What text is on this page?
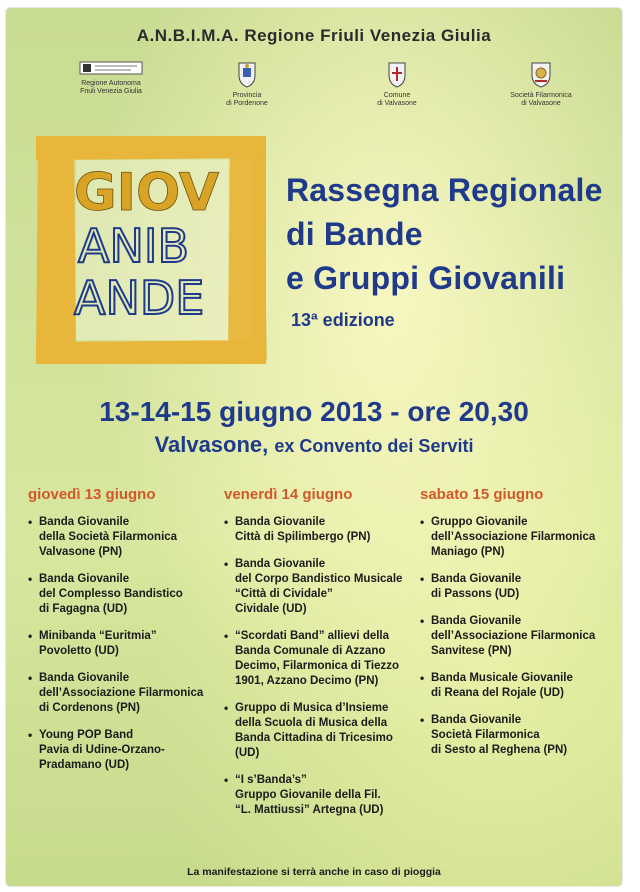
A.N.B.I.M.A. Regione Friuli Venezia Giulia
Regione Autonoma
Friuli Venezia Giulia
Provincia
di Pordenone
Comune
di Valvasone
Società Filarmonica
di Valvasone
GIOV
ANIB
ANDE
Rassegna Regionale
di Bande
e Gruppi Giovanili
13ª edizione
13-14-15 giugno 2013 - ore 20,30
Valvasone, ex Convento dei Serviti
giovedì 13 giugno
• Banda Giovanile
della Società Filarmonica
Valvasone (PN)
• Banda Giovanile
del Complesso Bandistico
di Fagagna (UD)
• Minibanda “Euritmia”
Povoletto (UD)
• Banda Giovanile
dell’Associazione Filarmonica
di Cordenons (PN)
• Young POP Band
Pavia di Udine-Orzano-
Pradamano (UD)
venerdì 14 giugno
• Banda Giovanile
Città di Spilimbergo (PN)
• Banda Giovanile
del Corpo Bandistico Musicale
“Città di Cividale”
Cividale (UD)
• “Scordati Band” allievi della
Banda Comunale di Azzano
Decimo, Filarmonica di Tiezzo
1901, Azzano Decimo (PN)
• Gruppo di Musica d’Insieme
della Scuola di Musica della
Banda Cittadina di Tricesimo
(UD)
• “I s’Banda’s”
Gruppo Giovanile della Fil.
“L. Mattiussi” Artegna (UD)
sabato 15 giugno
• Gruppo Giovanile
dell’Associazione Filarmonica
Maniago (PN)
• Banda Giovanile
di Passons (UD)
• Banda Giovanile
dell’Associazione Filarmonica
Sanvitese (PN)
• Banda Musicale Giovanile
di Reana del Rojale (UD)
• Banda Giovanile
Società Filarmonica
di Sesto al Reghena (PN)
La manifestazione si terrà anche in caso di pioggia
